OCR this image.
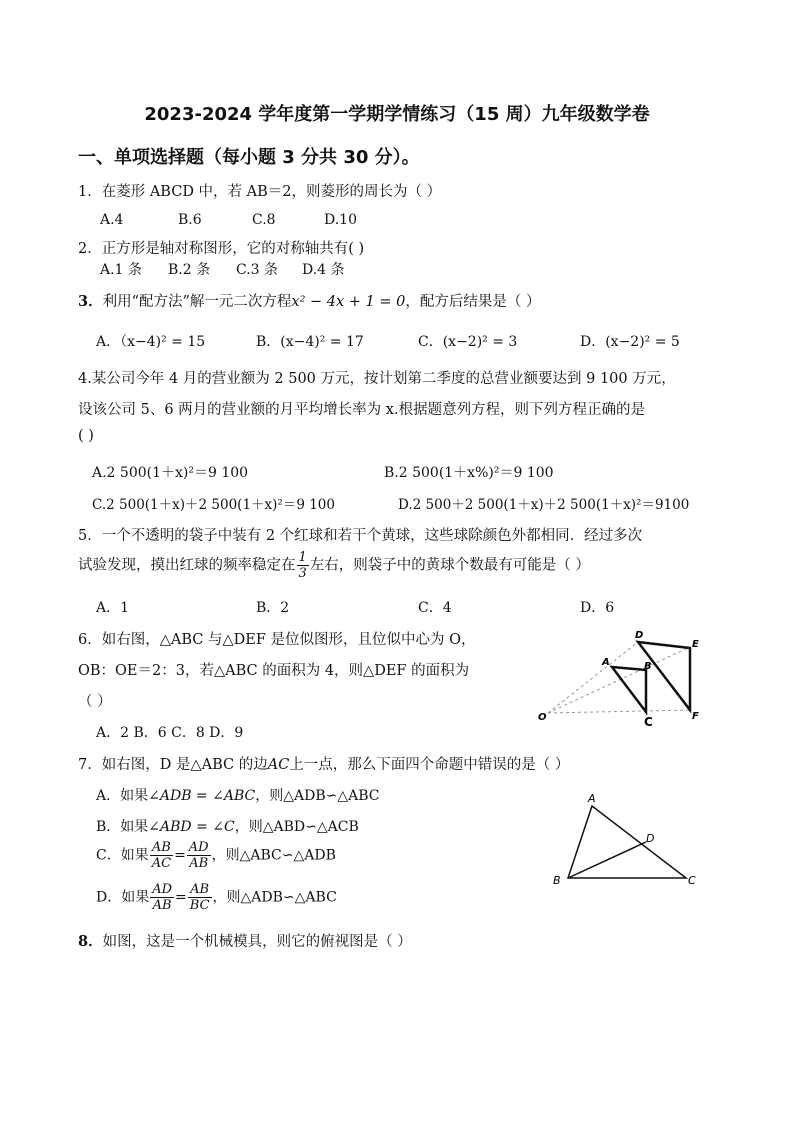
2023-2024 学年度第一学期学情练习（15 周）九年级数学卷
一、单项选择题（每小题 3 分共 30 分）。
1．在菱形 ABCD 中，若 AB＝2，则菱形的周长为（ ）
A.4	B.6	C.8	D.10
2．正方形是轴对称图形，它的对称轴共有( )
A.1 条 B.2 条 C.3 条 D.4 条
3．利用“配方法”解一元二次方程x² − 4x + 1 = 0，配方后结果是（ ）
A．（x−4)² = 15	B．(x−4)² = 17	C．(x−2)² = 3	D．(x−2)² = 5
4.某公司今年 4 月的营业额为 2 500 万元，按计划第二季度的总营业额要达到 9 100 万元，
设该公司 5、6 两月的营业额的月平均增长率为 x.根据题意列方程，则下列方程正确的是
( )
A.2 500(1＋x)²＝9 100	B.2 500(1＋x%)²＝9 100
C.2 500(1＋x)＋2 500(1＋x)²＝9 100	D.2 500＋2 500(1＋x)＋2 500(1＋x)²＝9100
5．一个不透明的袋子中装有 2 个红球和若干个黄球，这些球除颜色外都相同．经过多次
试验发现，摸出红球的频率稳定在 $\frac{1}{3}$ 左右，则袋子中的黄球个数最有可能是（ ）
A．1	B．2	C．4	D．6
6．如右图，△ABC 与△DEF 是位似图形，且位似中心为 O，
OB：OE＝2：3，若△ABC 的面积为 4，则△DEF 的面积为
（ ）
A．2 B．6 C．8 D．9
D
E
A	B
O	C	F
7．如右图，D 是△ABC 的边AC上一点，那么下面四个命题中错误的是（ ）
A．如果∠ADB = ∠ABC，则△ADB∽△ABC
B．如果∠ABD = ∠C，则△ABD∽△ACB
C．如果 $\frac{AB}{AC} = \frac{AD}{AB}$ ，则△ABC∽△ADB
D．如果 $\frac{AD}{AB} = \frac{AB}{BC}$ ，则△ADB∽△ABC
A
D
B	C
8．如图，这是一个机械模具，则它的俯视图是（ ）
